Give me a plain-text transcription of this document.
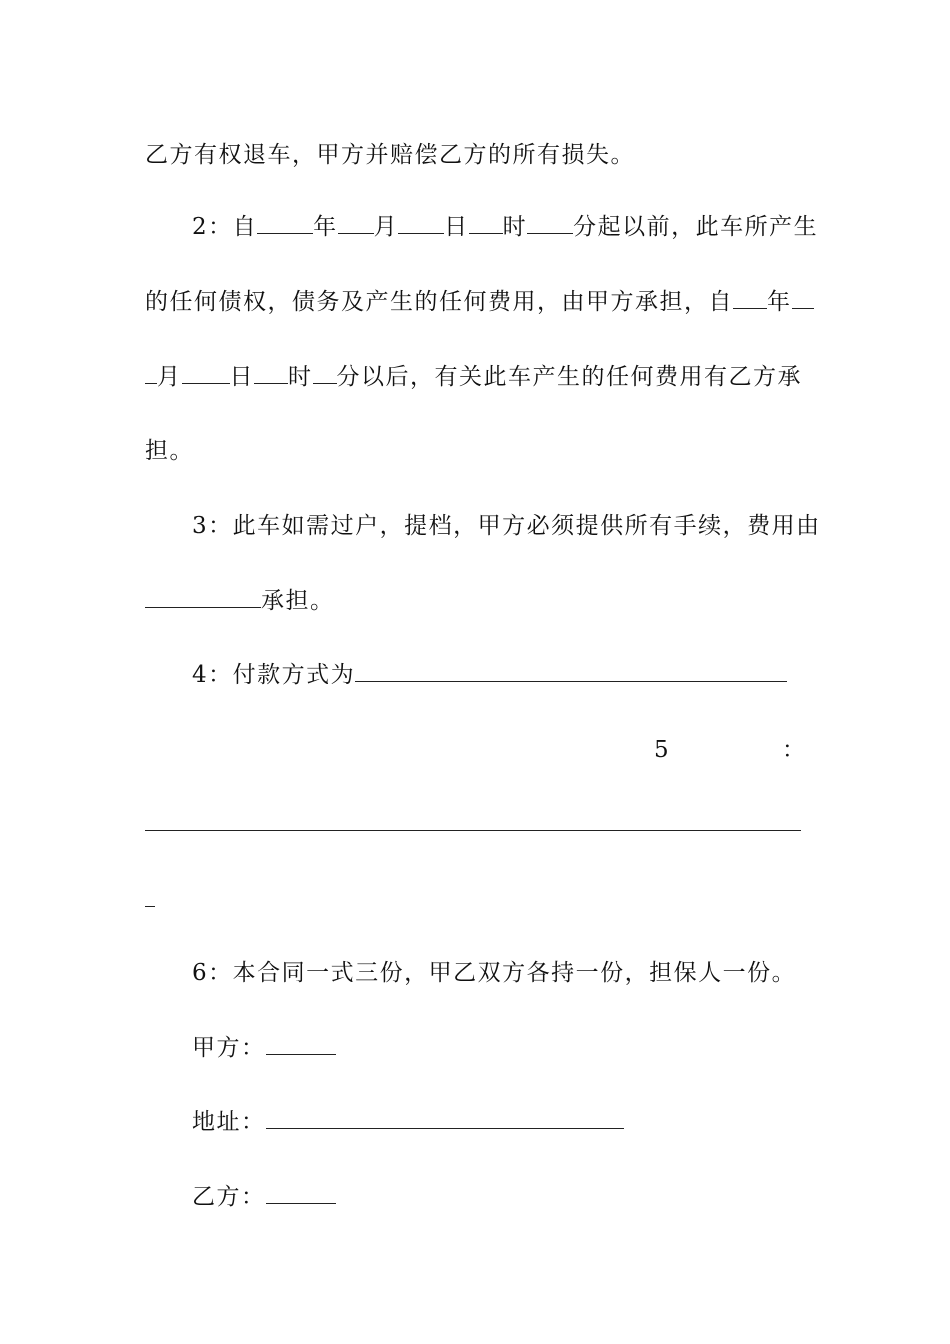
乙方有权退车，甲方并赔偿乙方的所有损失。
2：自 年 月 日 时 分起以前，此车所产生
的任何债权，债务及产生的任何费用，由甲方承担，自 年
月 日 时 分以后，有关此车产生的任何费用有乙方承
担。
3：此车如需过户，提档，甲方必须提供所有手续，费用由
承担。
4：付款方式为
5	：
6：本合同一式三份，甲乙双方各持一份，担保人一份。
甲方：
地址：
乙方：
